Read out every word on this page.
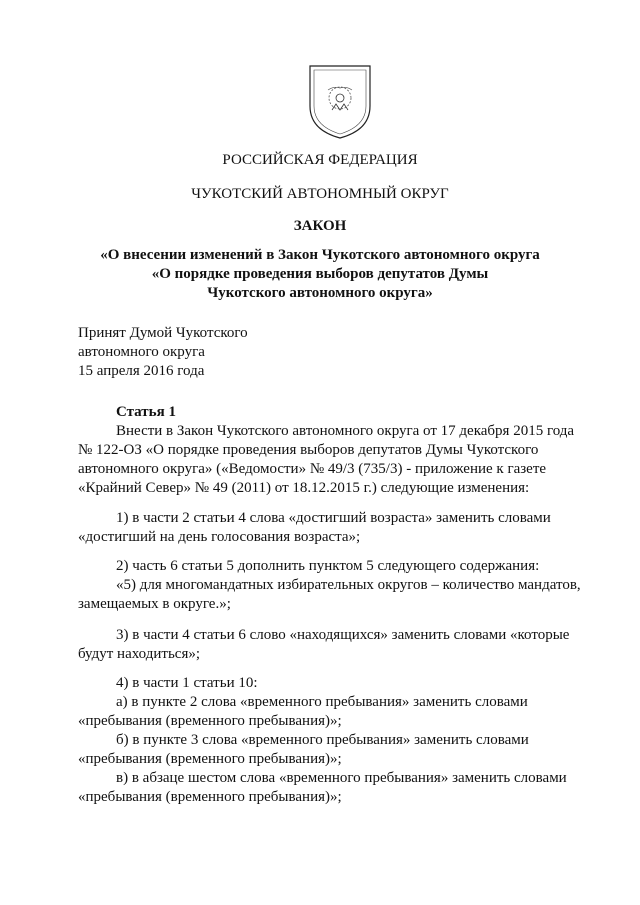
РОССИЙСКАЯ ФЕДЕРАЦИЯ
ЧУКОТСКИЙ АВТОНОМНЫЙ ОКРУГ
ЗАКОН
«О внесении изменений в Закон Чукотского автономного округа
«О порядке проведения выборов депутатов Думы
Чукотского автономного округа»
Принят Думой Чукотского
автономного округа
15 апреля 2016 года
Статья 1
Внести в Закон Чукотского автономного округа от 17 декабря 2015 года
№ 122-ОЗ «О порядке проведения выборов депутатов Думы Чукотского
автономного округа» («Ведомости» № 49/3 (735/3) - приложение к газете
«Крайний Север» № 49 (2011) от 18.12.2015 г.) следующие изменения:
1) в части 2 статьи 4 слова «достигший возраста» заменить словами
«достигший на день голосования возраста»;
2) часть 6 статьи 5 дополнить пунктом 5 следующего содержания:
«5) для многомандатных избирательных округов – количество мандатов,
замещаемых в округе.»;
3) в части 4 статьи 6 слово «находящихся» заменить словами «которые
будут находиться»;
4) в части 1 статьи 10:
а) в пункте 2 слова «временного пребывания» заменить словами
«пребывания (временного пребывания)»;
б) в пункте 3 слова «временного пребывания» заменить словами
«пребывания (временного пребывания)»;
в) в абзаце шестом слова «временного пребывания» заменить словами
«пребывания (временного пребывания)»;
